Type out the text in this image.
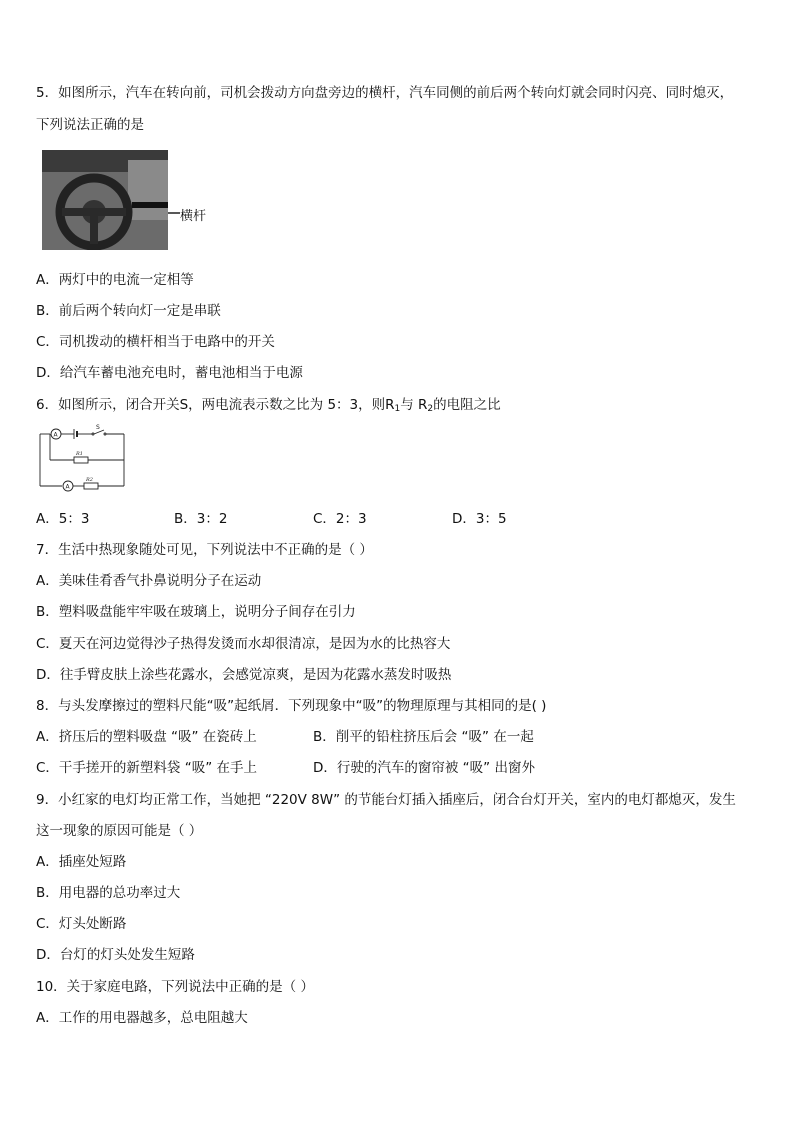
5．如图所示，汽车在转向前，司机会拨动方向盘旁边的横杆，汽车同侧的前后两个转向灯就会同时闪亮、同时熄灭，
下列说法正确的是
横杆
A．两灯中的电流一定相等
B．前后两个转向灯一定是串联
C．司机拨动的横杆相当于电路中的开关
D．给汽车蓄电池充电时，蓄电池相当于电源
6．如图所示，闭合开关S，两电流表示数之比为 5：3，则$R_1$与 $R_2$的电阻之比
A
A
S
R1
R2
A．5：3	B．3：2	C．2：3	D．3：5
7．生活中热现象随处可见，下列说法中不正确的是（ ）
A．美味佳肴香气扑鼻说明分子在运动
B．塑料吸盘能牢牢吸在玻璃上，说明分子间存在引力
C．夏天在河边觉得沙子热得发烫而水却很清凉，是因为水的比热容大
D．往手臂皮肤上涂些花露水，会感觉凉爽，是因为花露水蒸发时吸热
8．与头发摩擦过的塑料尺能“吸”起纸屑．下列现象中“吸”的物理原理与其相同的是( )
A．挤压后的塑料吸盘 “吸” 在瓷砖上	B．削平的铅柱挤压后会 “吸” 在一起
C．干手搓开的新塑料袋 “吸” 在手上	D．行驶的汽车的窗帘被 “吸” 出窗外
9．小红家的电灯均正常工作，当她把 “220V 8W” 的节能台灯插入插座后，闭合台灯开关，室内的电灯都熄灭，发生
这一现象的原因可能是（ ）
A．插座处短路
B．用电器的总功率过大
C．灯头处断路
D．台灯的灯头处发生短路
10．关于家庭电路，下列说法中正确的是（ ）
A．工作的用电器越多，总电阻越大
